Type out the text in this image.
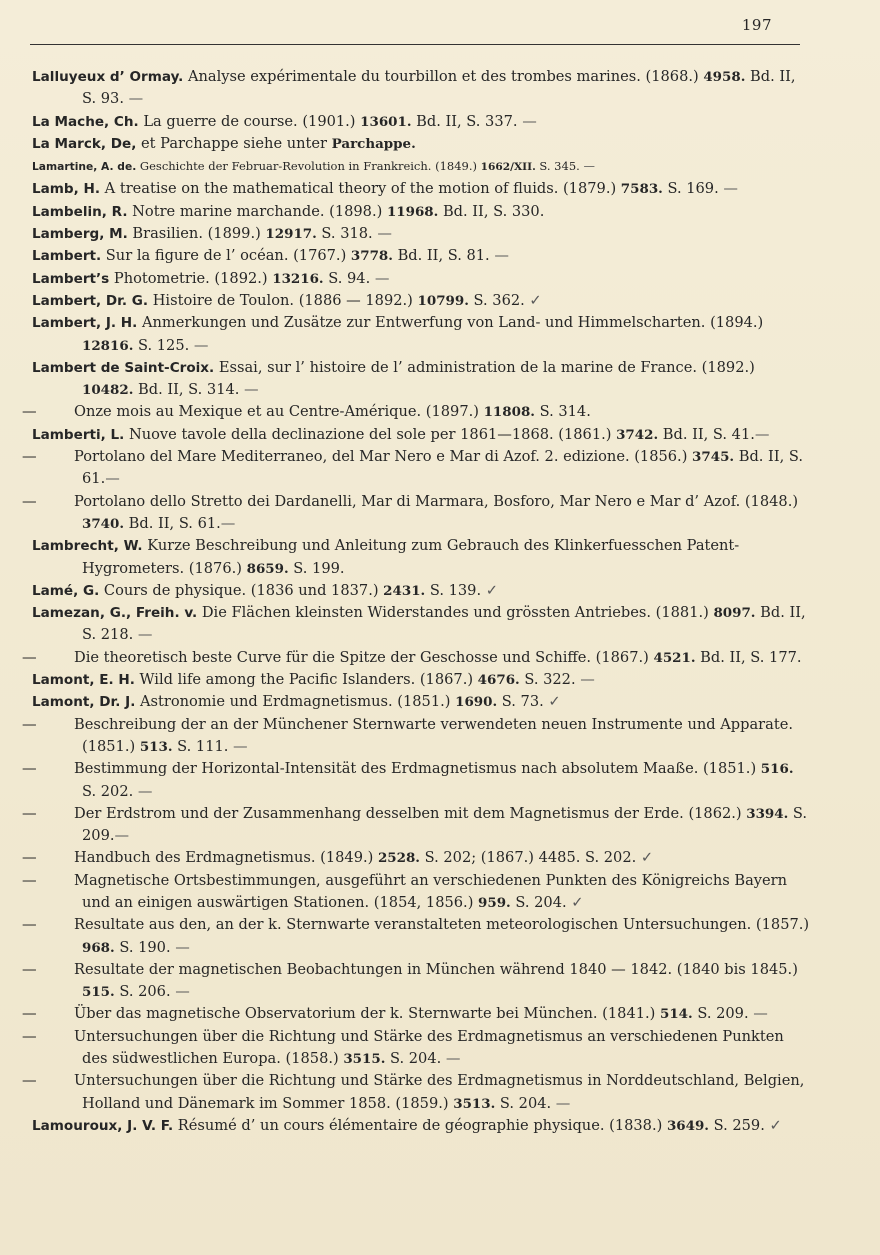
197

Lalluyeux d’ Ormay. Analyse expérimentale du tourbillon et des trombes marines. (1868.) 4958. Bd. II, S. 93. —

La Mache, Ch. La guerre de course. (1901.) 13601. Bd. II, S. 337. —

La Marck, De, et Parchappe siehe unter Parchappe.

Lamartine, A. de. Geschichte der Februar-Revolution in Frankreich. (1849.) 1662/XII. S. 345. —

Lamb, H. A treatise on the mathematical theory of the motion of fluids. (1879.) 7583. S. 169. —

Lambelin, R. Notre marine marchande. (1898.) 11968. Bd. II, S. 330.

Lamberg, M. Brasilien. (1899.) 12917. S. 318. —

Lambert. Sur la figure de l’ océan. (1767.) 3778. Bd. II, S. 81. —

Lambert’s Photometrie. (1892.) 13216. S. 94. —

Lambert, Dr. G. Histoire de Toulon. (1886 — 1892.) 10799. S. 362. ✓

Lambert, J. H. Anmerkungen und Zusätze zur Entwerfung von Land- und Himmelscharten. (1894.) 12816. S. 125. —

Lambert de Saint-Croix. Essai, sur l’ histoire de l’ administration de la marine de France. (1892.) 10482. Bd. II, S. 314. —

—	Onze mois au Mexique et au Centre-Amérique. (1897.) 11808. S. 314.

Lamberti, L. Nuove tavole della declinazione del sole per 1861—1868. (1861.) 3742. Bd. II, S. 41.—

—	Portolano del Mare Mediterraneo, del Mar Nero e Mar di Azof. 2. edizione. (1856.) 3745. Bd. II, S. 61.—

—	Portolano dello Stretto dei Dardanelli, Mar di Marmara, Bosforo, Mar Nero e Mar d’ Azof. (1848.) 3740. Bd. II, S. 61.—

Lambrecht, W. Kurze Beschreibung und Anleitung zum Gebrauch des Klinkerfuesschen Patent-Hygrometers. (1876.) 8659. S. 199.

Lamé, G. Cours de physique. (1836 und 1837.) 2431. S. 139. ✓

Lamezan, G., Freih. v. Die Flächen kleinsten Widerstandes und grössten Antriebes. (1881.) 8097. Bd. II, S. 218. —

—	Die theoretisch beste Curve für die Spitze der Geschosse und Schiffe. (1867.) 4521. Bd. II, S. 177.

Lamont, E. H. Wild life among the Pacific Islanders. (1867.) 4676. S. 322. —

Lamont, Dr. J. Astronomie und Erdmagnetismus. (1851.) 1690. S. 73. ✓

—	Beschreibung der an der Münchener Sternwarte verwendeten neuen Instrumente und Apparate. (1851.) 513. S. 111. —

—	Bestimmung der Horizontal-Intensität des Erdmagnetismus nach absolutem Maaße. (1851.) 516. S. 202. —

—	Der Erdstrom und der Zusammenhang desselben mit dem Magnetismus der Erde. (1862.) 3394. S. 209.—

—	Handbuch des Erdmagnetismus. (1849.) 2528. S. 202; (1867.) 4485. S. 202. ✓

—	Magnetische Ortsbestimmungen, ausgeführt an verschiedenen Punkten des Königreichs Bayern und an einigen auswärtigen Stationen. (1854, 1856.) 959. S. 204. ✓

—	Resultate aus den, an der k. Sternwarte veranstalteten meteorologischen Untersuchungen. (1857.) 968. S. 190. —

—	Resultate der magnetischen Beobachtungen in München während 1840 — 1842. (1840 bis 1845.) 515. S. 206. —

—	Über das magnetische Observatorium der k. Sternwarte bei München. (1841.) 514. S. 209. —

—	Untersuchungen über die Richtung und Stärke des Erdmagnetismus an verschiedenen Punkten des südwestlichen Europa. (1858.) 3515. S. 204. —

—	Untersuchungen über die Richtung und Stärke des Erdmagnetismus in Norddeutschland, Belgien, Holland und Dänemark im Sommer 1858. (1859.) 3513. S. 204. —

Lamouroux, J. V. F. Résumé d’ un cours élémentaire de géographie physique. (1838.) 3649. S. 259. ✓
